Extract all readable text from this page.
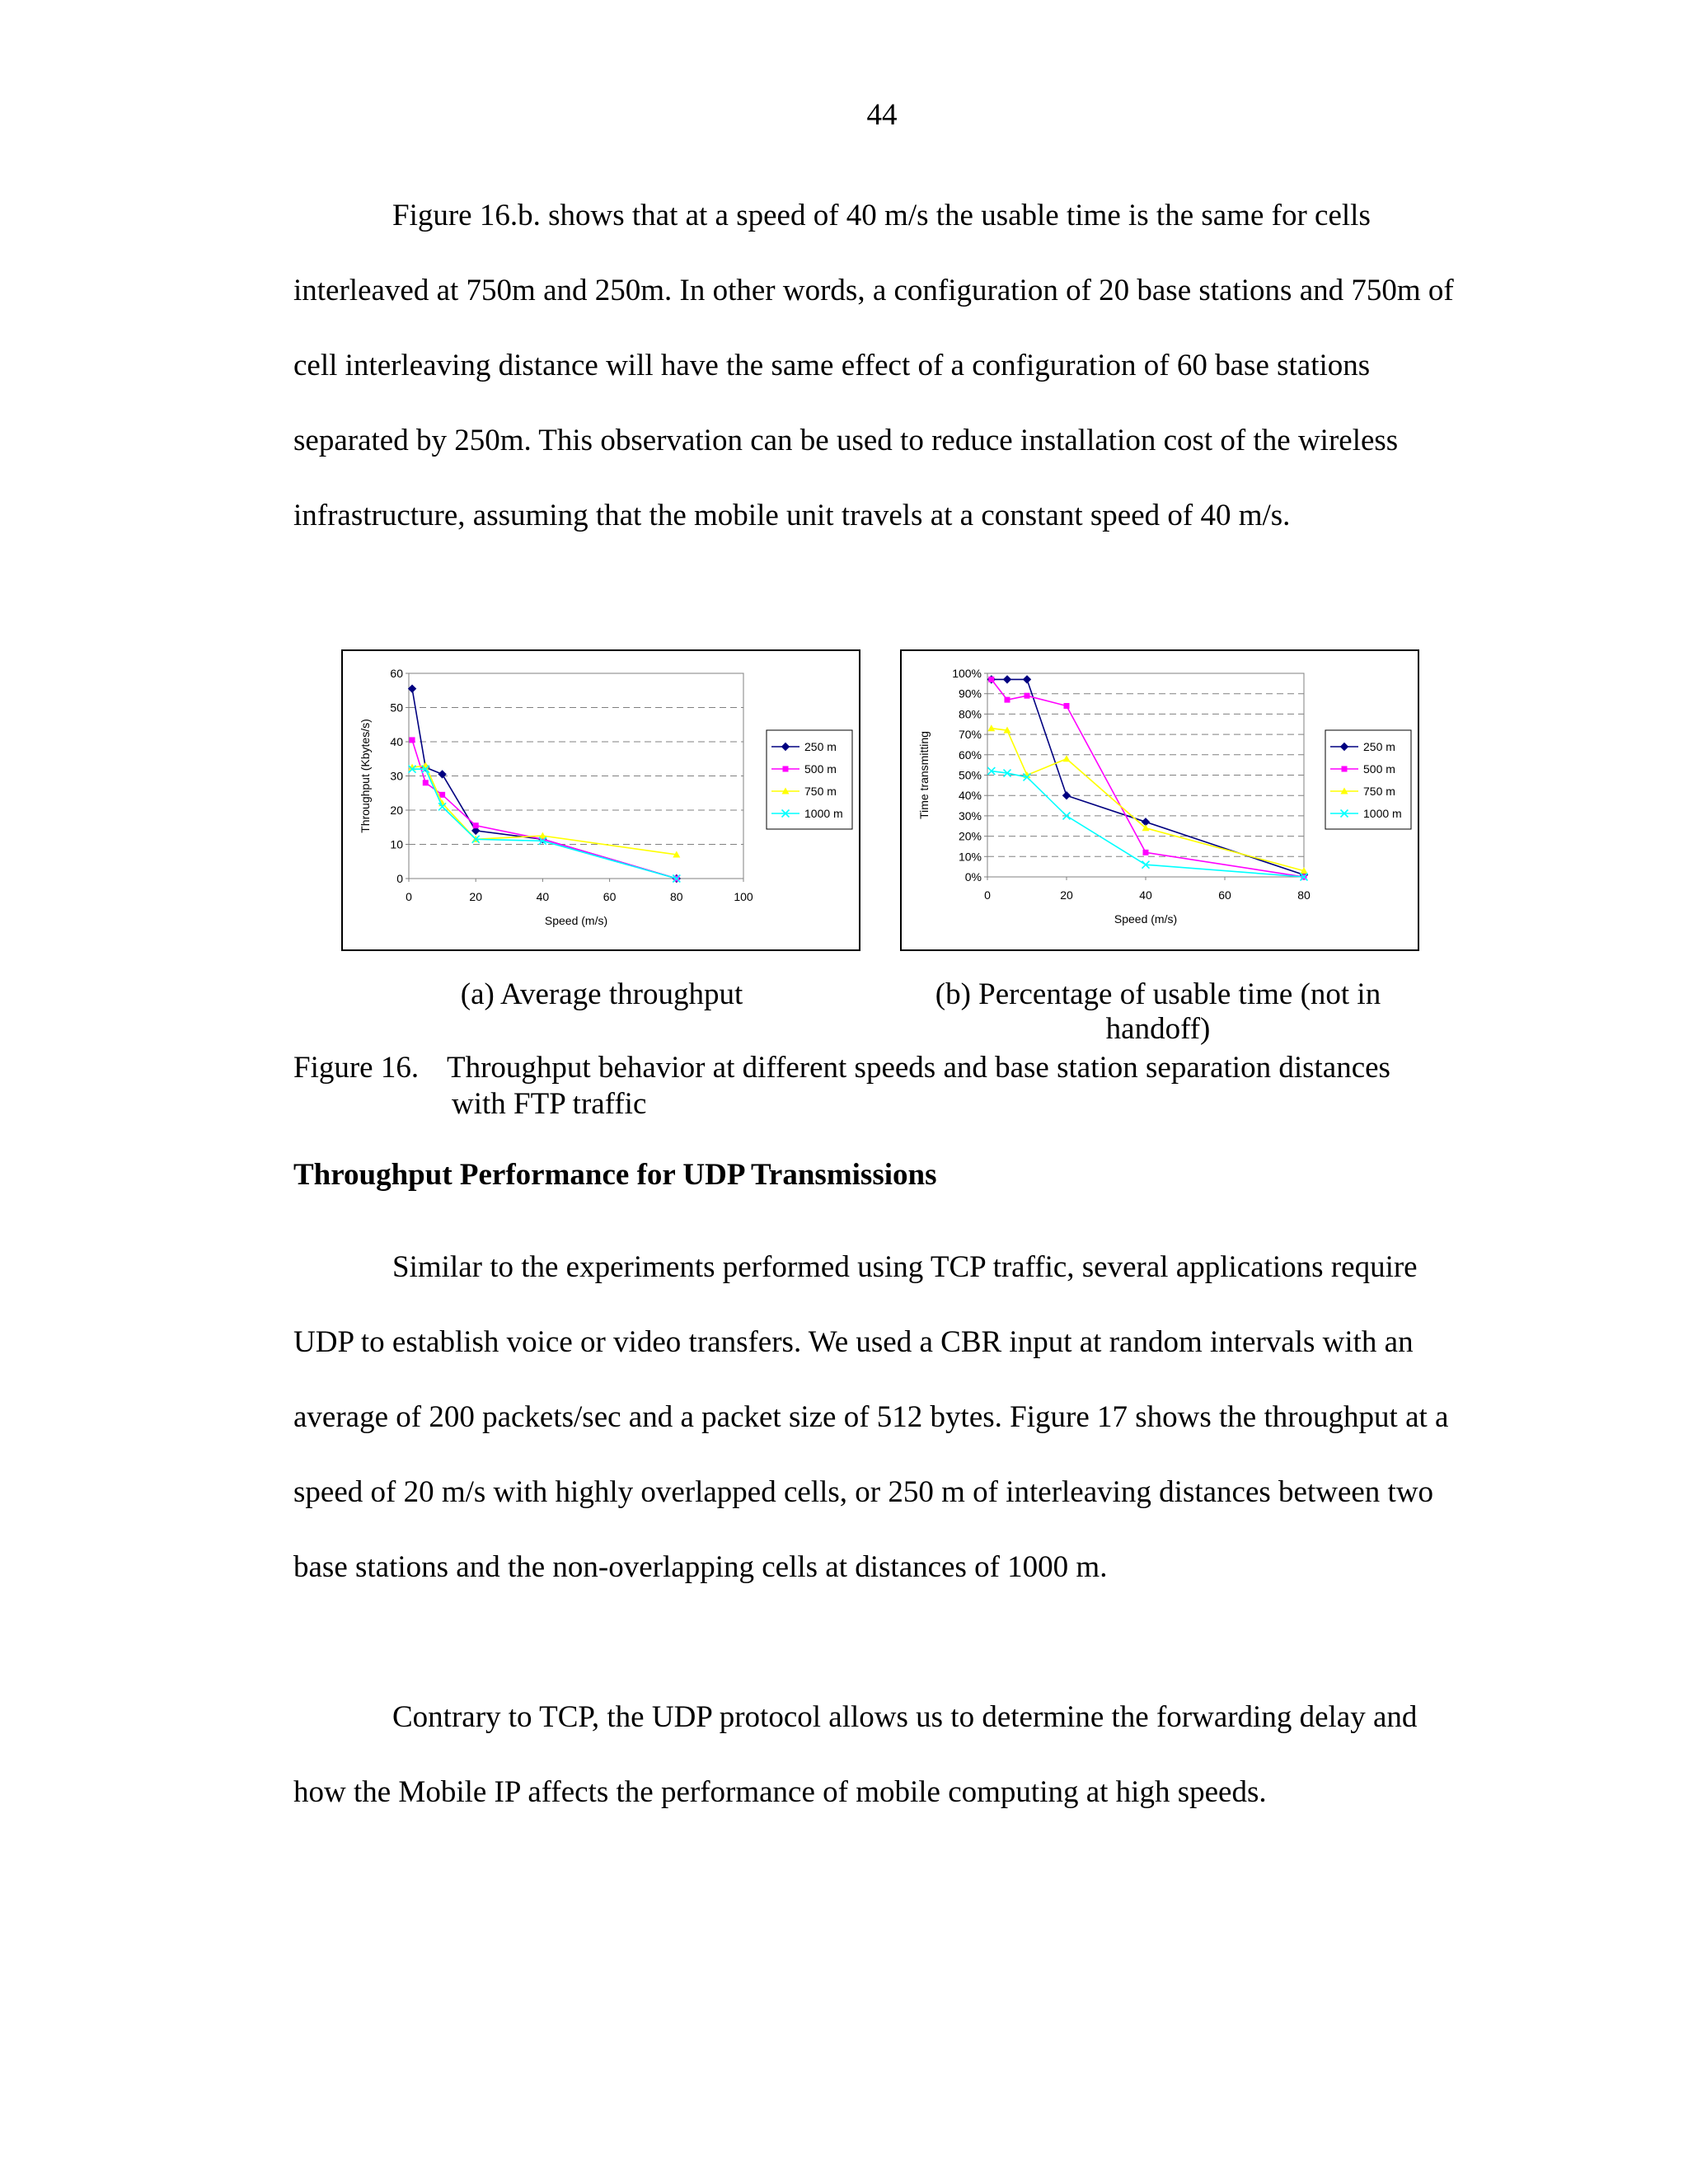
44

Figure 16.b. shows that at a speed of 40 m/s the usable time is the same for cells interleaved at 750m and 250m. In other words, a configuration of 20 base stations and 750m of cell interleaving distance will have the same effect of a configuration of 60 base stations separated by 250m. This observation can be used to reduce installation cost of the wireless infrastructure, assuming that the mobile unit travels at a constant speed of 40 m/s.

0
10
20
30
40
50
60
0	20	40	60	80	100
Speed (m/s)
Throughput (Kbytes/s)	250 m
500 m
750 m
1000 m
0%
10%
20%
30%
40%
50%
60%
70%
80%
90%
100%
0	20	40	60	80
Speed (m/s)
Time transmitting	250 m
500 m
750 m
1000 m
(a) Average throughput	(b) Percentage of usable time (not in handoff)
Figure 16. Throughput behavior at different speeds and base station separation distances
with FTP traffic
Throughput Performance for UDP Transmissions

Similar to the experiments performed using TCP traffic, several applications require UDP to establish voice or video transfers. We used a CBR input at random intervals with an average of 200 packets/sec and a packet size of 512 bytes. Figure 17 shows the throughput at a speed of 20 m/s with highly overlapped cells, or 250 m of interleaving distances between two base stations and the non-overlapping cells at distances of 1000 m.

Contrary to TCP, the UDP protocol allows us to determine the forwarding delay and how the Mobile IP affects the performance of mobile computing at high speeds.
